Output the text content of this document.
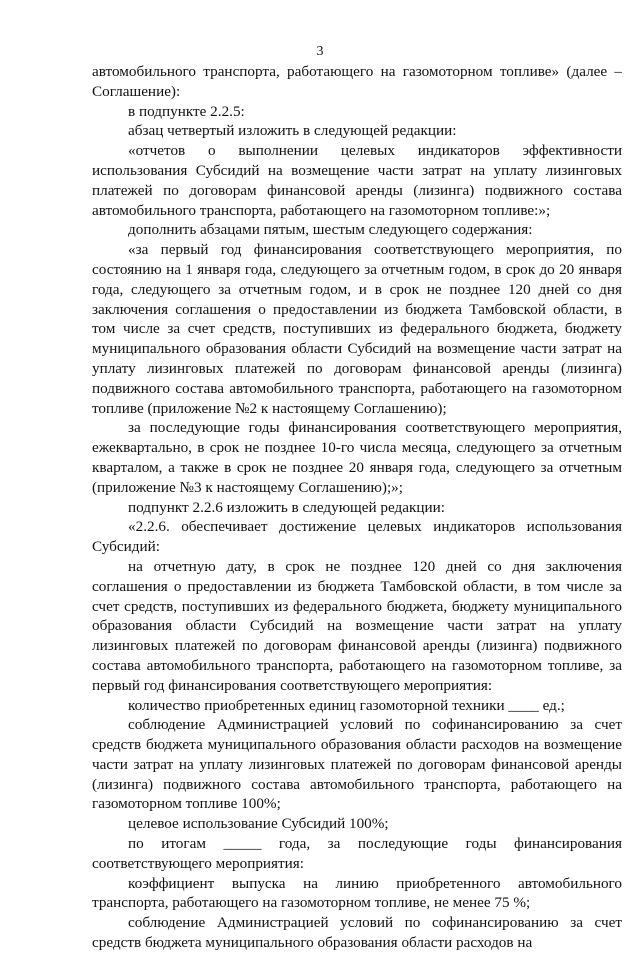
3

автомобильного транспорта, работающего на газомоторном топливе» (далее – Соглашение):

в подпункте 2.2.5:

абзац четвертый изложить в следующей редакции:

«отчетов о выполнении целевых индикаторов эффективности использования Субсидий на возмещение части затрат на уплату лизинговых платежей по договорам финансовой аренды (лизинга) подвижного состава автомобильного транспорта, работающего на газомоторном топливе:»;

дополнить абзацами пятым, шестым следующего содержания:

«за первый год финансирования соответствующего мероприятия, по состоянию на 1 января года, следующего за отчетным годом, в срок до 20 января года, следующего за отчетным годом, и в срок не позднее 120 дней со дня заключения соглашения о предоставлении из бюджета Тамбовской области, в том числе за счет средств, поступивших из федерального бюджета, бюджету муниципального образования области Субсидий на возмещение части затрат на уплату лизинговых платежей по договорам финансовой аренды (лизинга) подвижного состава автомобильного транспорта, работающего на газомоторном топливе (приложение №2 к настоящему Соглашению);

за последующие годы финансирования соответствующего мероприятия, ежеквартально, в срок не позднее 10-го числа месяца, следующего за отчетным кварталом, а также в срок не позднее 20 января года, следующего за отчетным (приложение №3 к настоящему Соглашению);»;

подпункт 2.2.6 изложить в следующей редакции:

«2.2.6. обеспечивает достижение целевых индикаторов использования Субсидий:

на отчетную дату, в срок не позднее 120 дней со дня заключения соглашения о предоставлении из бюджета Тамбовской области, в том числе за счет средств, поступивших из федерального бюджета, бюджету муниципального образования области Субсидий на возмещение части затрат на уплату лизинговых платежей по договорам финансовой аренды (лизинга) подвижного состава автомобильного транспорта, работающего на газомоторном топливе, за первый год финансирования соответствующего мероприятия:

количество приобретенных единиц газомоторной техники ____ ед.;

соблюдение Администрацией условий по софинансированию за счет средств бюджета муниципального образования области расходов на возмещение части затрат на уплату лизинговых платежей по договорам финансовой аренды (лизинга) подвижного состава автомобильного транспорта, работающего на газомоторном топливе 100%;

целевое использование Субсидий 100%;

по итогам _____ года, за последующие годы финансирования соответствующего мероприятия:

коэффициент выпуска на линию приобретенного автомобильного транспорта, работающего на газомоторном топливе, не менее 75 %;

соблюдение Администрацией условий по софинансированию за счет средств бюджета муниципального образования области расходов на
